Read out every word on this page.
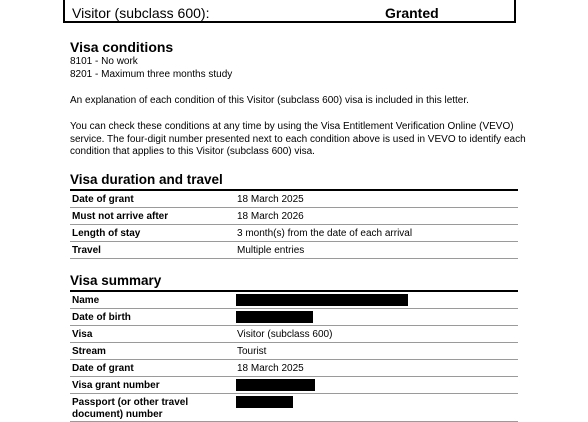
Visitor (subclass 600):	Granted
Visa conditions
8101 - No work
8201 - Maximum three months study
An explanation of each condition of this Visitor (subclass 600) visa is included in this letter.
You can check these conditions at any time by using the Visa Entitlement Verification Online (VEVO) service. The four-digit number presented next to each condition above is used in VEVO to identify each condition that applies to this Visitor (subclass 600) visa.
Visa duration and travel
Date of grant	18 March 2025
Must not arrive after	18 March 2026
Length of stay	3 month(s) from the date of each arrival
Travel	Multiple entries
Visa summary
Name
Date of birth
Visa	Visitor (subclass 600)
Stream	Tourist
Date of grant	18 March 2025
Visa grant number
Passport (or other travel document) number
